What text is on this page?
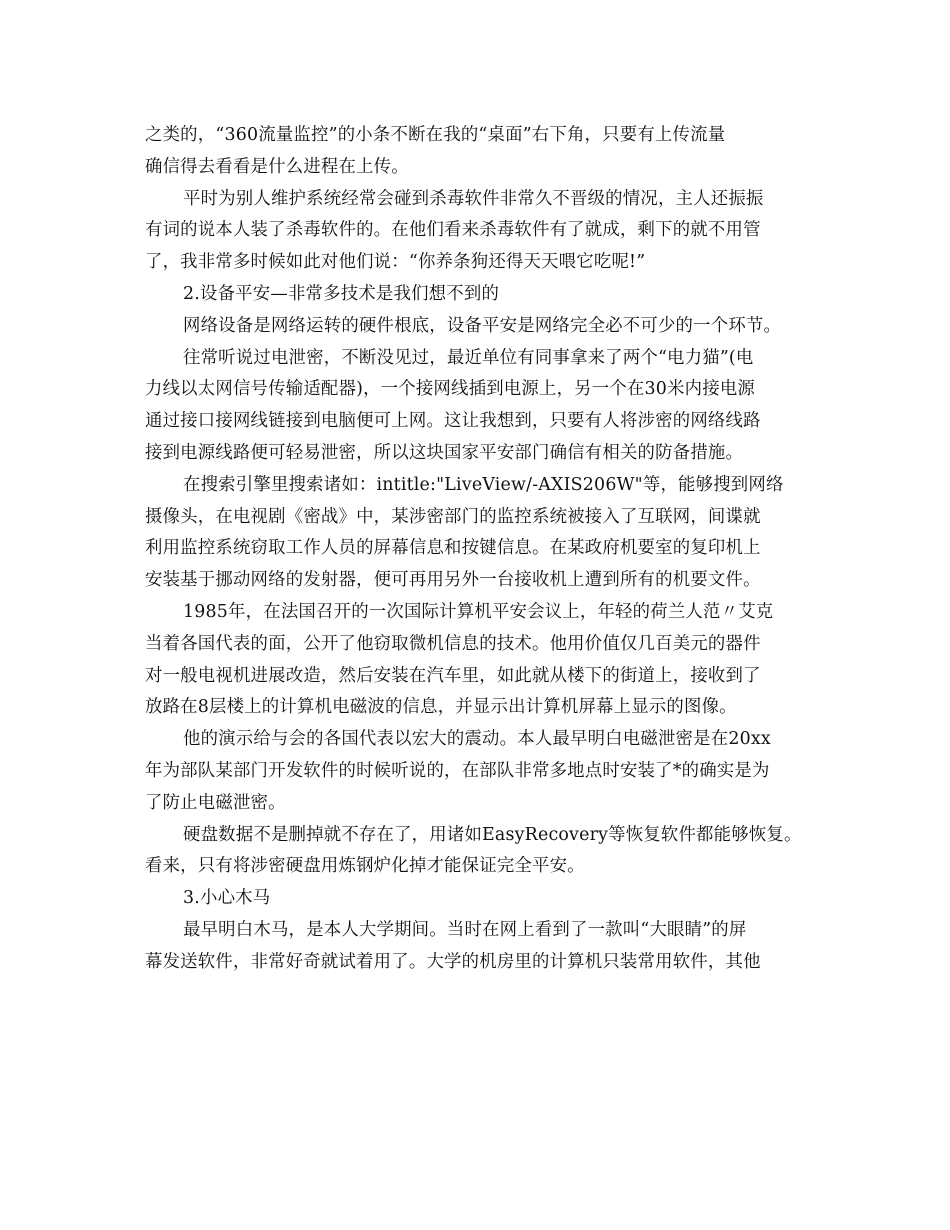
之类的，“360流量监控”的小条不断在我的“桌面”右下角，只要有上传流量
确信得去看看是什么进程在上传。
平时为别人维护系统经常会碰到杀毒软件非常久不晋级的情况，主人还振振
有词的说本人装了杀毒软件的。在他们看来杀毒软件有了就成，剩下的就不用管
了，我非常多时候如此对他们说：“你养条狗还得天天喂它吃呢!”
2.设备平安—非常多技术是我们想不到的
网络设备是网络运转的硬件根底，设备平安是网络完全必不可少的一个环节。
往常听说过电泄密，不断没见过，最近单位有同事拿来了两个“电力猫”(电
力线以太网信号传输适配器)，一个接网线插到电源上，另一个在30米内接电源
通过接口接网线链接到电脑便可上网。这让我想到，只要有人将涉密的网络线路
接到电源线路便可轻易泄密，所以这块国家平安部门确信有相关的防备措施。
在搜索引擎里搜索诸如：intitle:"LiveView/-AXIS206W"等，能够搜到网络
摄像头，在电视剧《密战》中，某涉密部门的监控系统被接入了互联网，间谍就
利用监控系统窃取工作人员的屏幕信息和按键信息。在某政府机要室的复印机上
安装基于挪动网络的发射器，便可再用另外一台接收机上遭到所有的机要文件。
1985年，在法国召开的一次国际计算机平安会议上，年轻的荷兰人范〃艾克
当着各国代表的面，公开了他窃取微机信息的技术。他用价值仅几百美元的器件
对一般电视机进展改造，然后安装在汽车里，如此就从楼下的街道上，接收到了
放路在8层楼上的计算机电磁波的信息，并显示出计算机屏幕上显示的图像。
他的演示给与会的各国代表以宏大的震动。本人最早明白电磁泄密是在20xx
年为部队某部门开发软件的时候听说的，在部队非常多地点时安装了*的确实是为
了防止电磁泄密。
硬盘数据不是删掉就不存在了，用诸如EasyRecovery等恢复软件都能够恢复。
看来，只有将涉密硬盘用炼钢炉化掉才能保证完全平安。
3.小心木马
最早明白木马，是本人大学期间。当时在网上看到了一款叫“大眼睛”的屏
幕发送软件，非常好奇就试着用了。大学的机房里的计算机只装常用软件，其他
